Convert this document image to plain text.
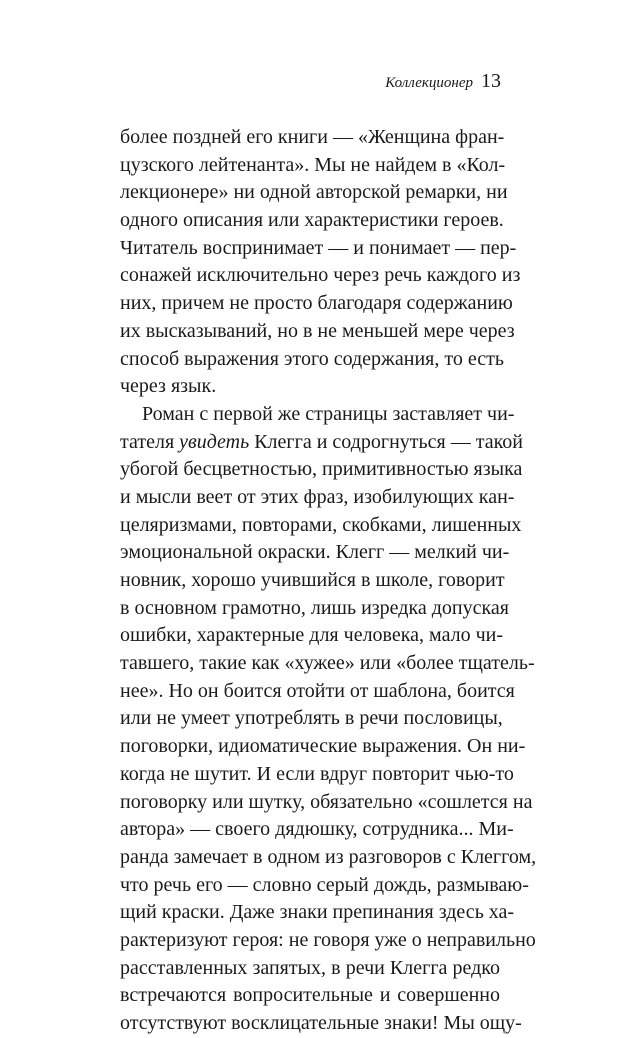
Коллекционер 13
более поздней его книги — «Женщина фран-
цузского лейтенанта». Мы не найдем в «Кол-
лекционере» ни одной авторской ремарки, ни
одного описания или характеристики героев.
Читатель воспринимает — и понимает — пер-
сонажей исключительно через речь каждого из
них, причем не просто благодаря содержанию
их высказываний, но в не меньшей мере через
способ выражения этого содержания, то есть
через язык.
Роман с первой же страницы заставляет чи-
тателя увидеть Клегга и содрогнуться — такой
убогой бесцветностью, примитивностью языка
и мысли веет от этих фраз, изобилующих кан-
целяризмами, повторами, скобками, лишенных
эмоциональной окраски. Клегг — мелкий чи-
новник, хорошо учившийся в школе, говорит
в основном грамотно, лишь изредка допуская
ошибки, характерные для человека, мало чи-
тавшего, такие как «хужее» или «более тщатель-
нее». Но он боится отойти от шаблона, боится
или не умеет употреблять в речи пословицы,
поговорки, идиоматические выражения. Он ни-
когда не шутит. И если вдруг повторит чью-то
поговорку или шутку, обязательно «сошлется на
автора» — своего дядюшку, сотрудника... Ми-
ранда замечает в одном из разговоров с Клеггом,
что речь его — словно серый дождь, размываю-
щий краски. Даже знаки препинания здесь ха-
рактеризуют героя: не говоря уже о неправильно
расставленных запятых, в речи Клегга редко
встречаются вопросительные и совершенно
отсутствуют восклицательные знаки! Мы ощу-
